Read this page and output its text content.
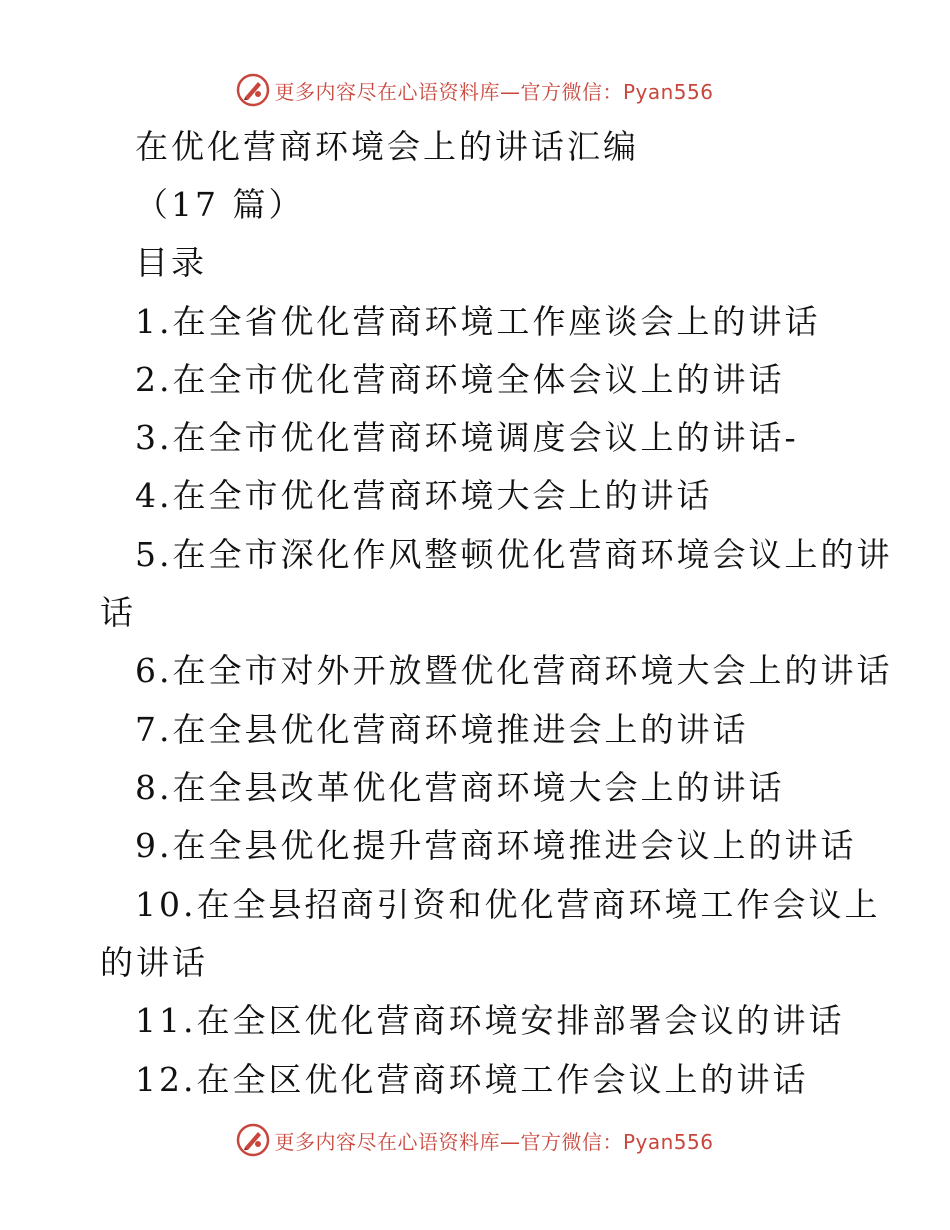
更多内容尽在心语资料库—官方微信：Pyan556
在优化营商环境会上的讲话汇编
（17 篇）
目录
1.在全省优化营商环境工作座谈会上的讲话
2.在全市优化营商环境全体会议上的讲话
3.在全市优化营商环境调度会议上的讲话-
4.在全市优化营商环境大会上的讲话
5.在全市深化作风整顿优化营商环境会议上的讲
话
6.在全市对外开放暨优化营商环境大会上的讲话
7.在全县优化营商环境推进会上的讲话
8.在全县改革优化营商环境大会上的讲话
9.在全县优化提升营商环境推进会议上的讲话
10.在全县招商引资和优化营商环境工作会议上
的讲话
11.在全区优化营商环境安排部署会议的讲话
12.在全区优化营商环境工作会议上的讲话
更多内容尽在心语资料库—官方微信：Pyan556
